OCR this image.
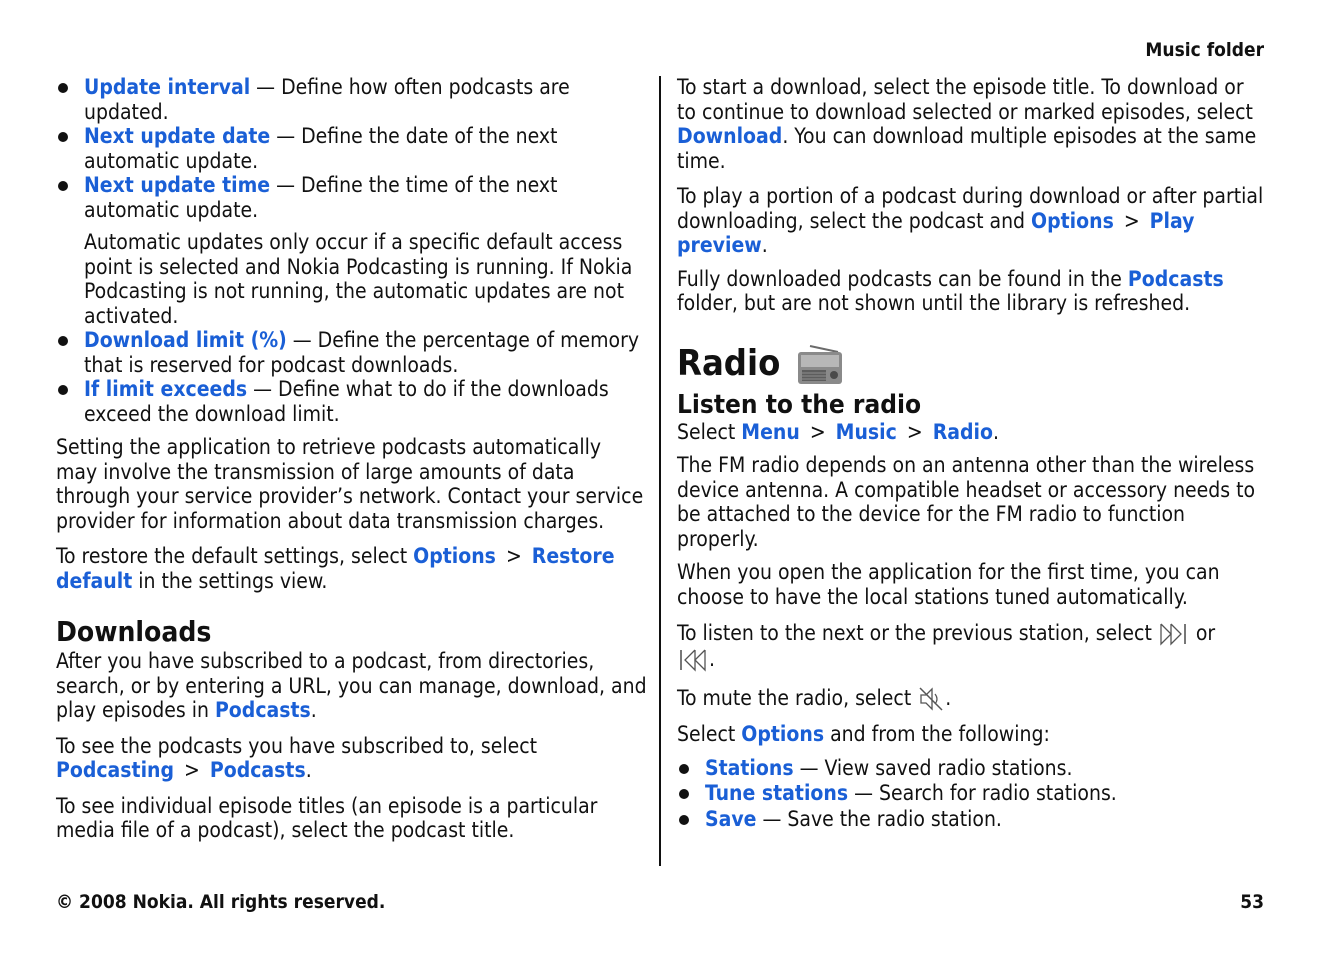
Music folder
Update interval — Define how often podcasts are updated.
Next update date — Define the date of the next automatic update.
Next update time — Define the time of the next automatic update.
Automatic updates only occur if a specific default access point is selected and Nokia Podcasting is running. If Nokia Podcasting is not running, the automatic updates are not activated.
Download limit (%) — Define the percentage of memory that is reserved for podcast downloads.
If limit exceeds — Define what to do if the downloads exceed the download limit.

Setting the application to retrieve podcasts automatically may involve the transmission of large amounts of data through your service provider’s network. Contact your service provider for information about data transmission charges.

To restore the default settings, select Options > Restore default in the settings view.

Downloads

After you have subscribed to a podcast, from directories, search, or by entering a URL, you can manage, download, and play episodes in Podcasts.

To see the podcasts you have subscribed to, select Podcasting > Podcasts.

To see individual episode titles (an episode is a particular media file of a podcast), select the podcast title.

To start a download, select the episode title. To download or to continue to download selected or marked episodes, select Download. You can download multiple episodes at the same time.

To play a portion of a podcast during download or after partial downloading, select the podcast and Options > Play preview.

Fully downloaded podcasts can be found in the Podcasts folder, but are not shown until the library is refreshed.

Radio
Listen to the radio

Select Menu > Music > Radio.

The FM radio depends on an antenna other than the wireless device antenna. A compatible headset or accessory needs to be attached to the device for the FM radio to function properly.

When you open the application for the first time, you can choose to have the local stations tuned automatically.

To listen to the next or the previous station, select  or
.

To mute the radio, select .

Select Options and from the following:

Stations — View saved radio stations.
Tune stations — Search for radio stations.
Save — Save the radio station.
© 2008 Nokia. All rights reserved.	53
